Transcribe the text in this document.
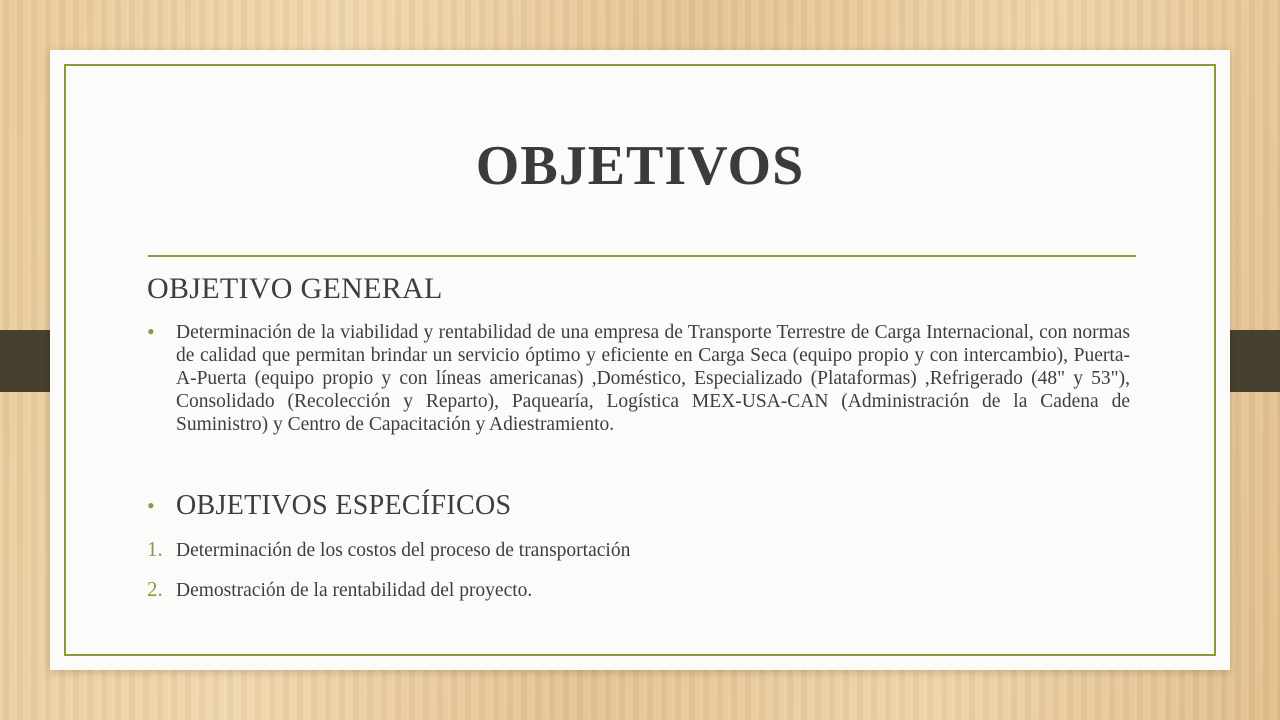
OBJETIVOS
OBJETIVO GENERAL
• Determinación de la viabilidad y rentabilidad de una empresa de Transporte Terrestre de Carga Internacional, con normas de calidad que permitan brindar un servicio óptimo y eficiente en Carga Seca (equipo propio y con intercambio), Puerta-A-Puerta (equipo propio y con líneas americanas) ,Doméstico, Especializado (Plataformas) ,Refrigerado (48" y 53"), Consolidado (Recolección y Reparto), Paquearía, Logística MEX-USA-CAN (Administración de la Cadena de Suministro) y Centro de Capacitación y Adiestramiento.
• OBJETIVOS ESPECÍFICOS
1. Determinación de los costos del proceso de transportación
2. Demostración de la rentabilidad del proyecto.
